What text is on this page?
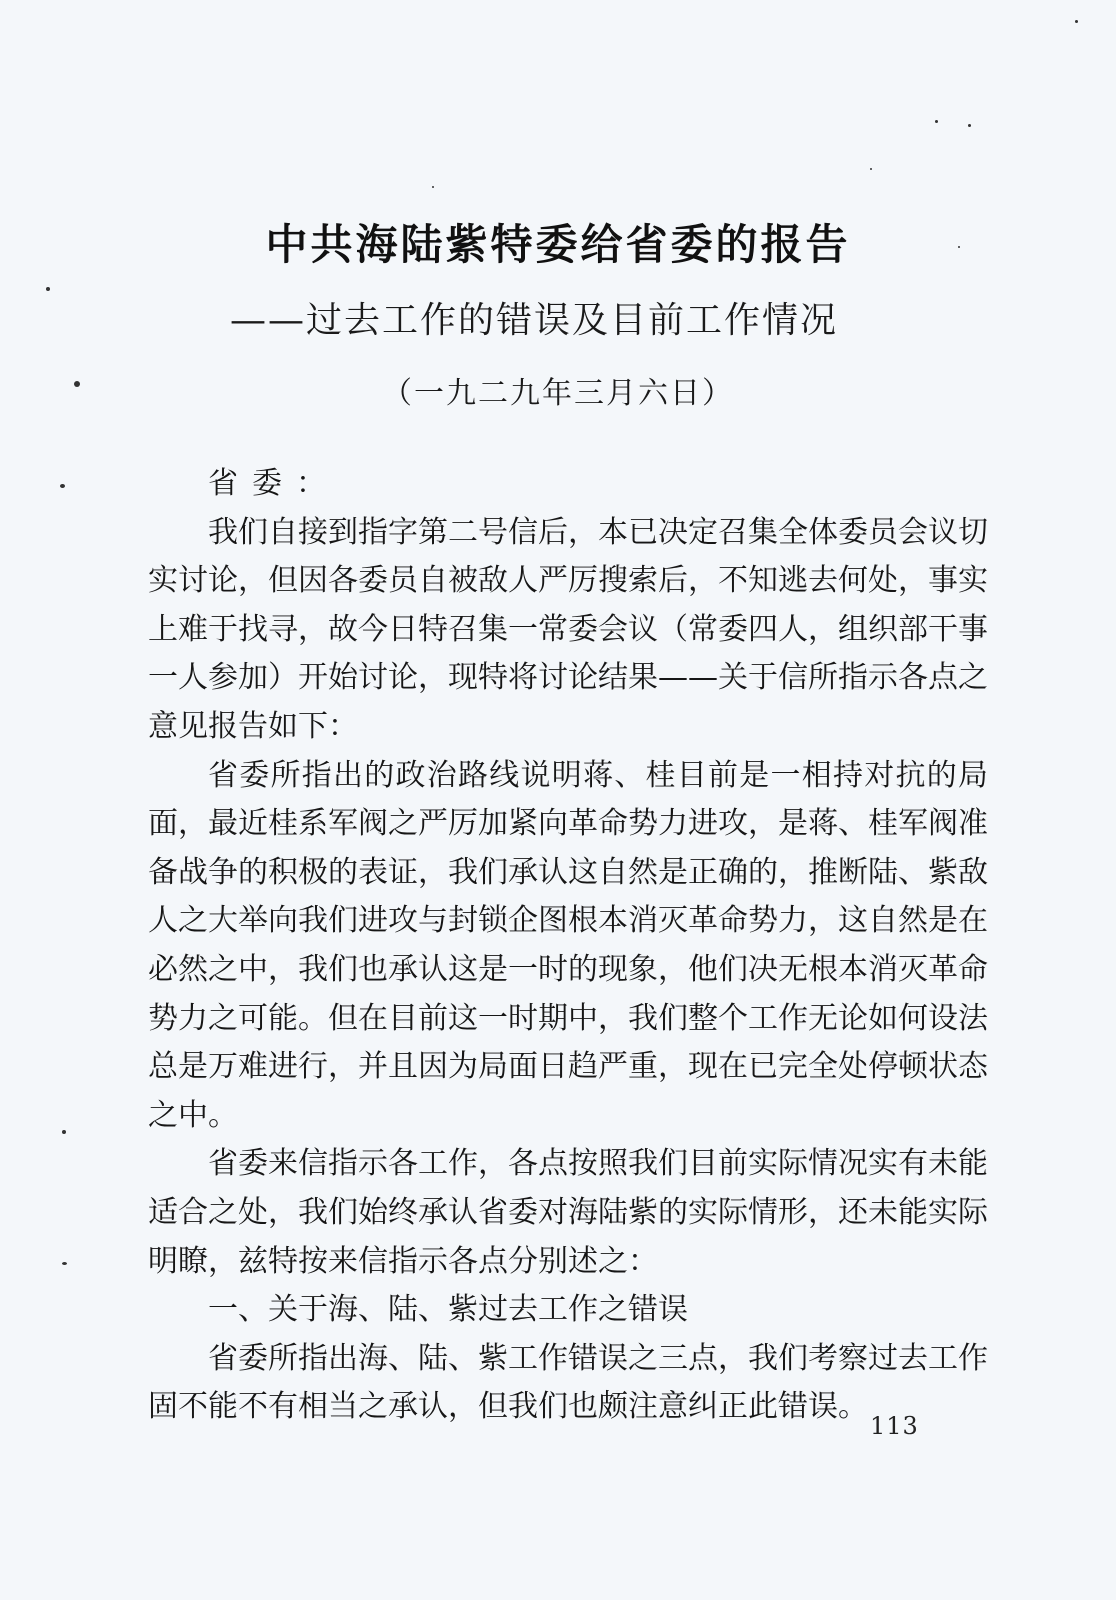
中共海陆紫特委给省委的报告
——过去工作的错误及目前工作情况
（一九二九年三月六日）

省委：

我们自接到指字第二号信后，本已决定召集全体委员会议切实讨论，但因各委员自被敌人严厉搜索后，不知逃去何处，事实上难于找寻，故今日特召集一常委会议（常委四人，组织部干事一人参加）开始讨论，现特将讨论结果——关于信所指示各点之意见报告如下：

省委所指出的政治路线说明蒋、桂目前是一相持对抗的局面，最近桂系军阀之严厉加紧向革命势力进攻，是蒋、桂军阀准备战争的积极的表证，我们承认这自然是正确的，推断陆、紫敌人之大举向我们进攻与封锁企图根本消灭革命势力，这自然是在必然之中，我们也承认这是一时的现象，他们决无根本消灭革命势力之可能。但在目前这一时期中，我们整个工作无论如何设法总是万难进行，并且因为局面日趋严重，现在已完全处停顿状态之中。

省委来信指示各工作，各点按照我们目前实际情况实有未能适合之处，我们始终承认省委对海陆紫的实际情形，还未能实际明瞭，兹特按来信指示各点分别述之：

一、关于海、陆、紫过去工作之错误

省委所指出海、陆、紫工作错误之三点，我们考察过去工作固不能不有相当之承认，但我们也颇注意纠正此错误。

113
